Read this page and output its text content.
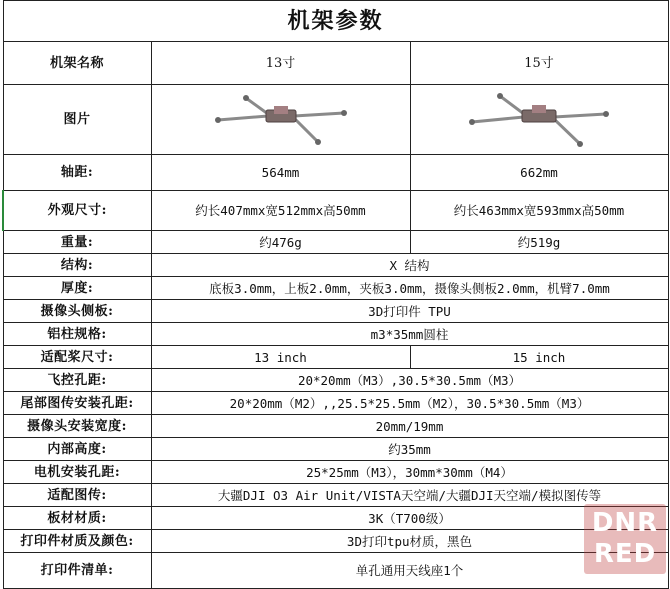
机架参数		
机架名称	13寸	15寸
图片	

轴距:	564mm	662mm
外观尺寸:	约长407mmx宽512mmx高50mm	约长463mmx宽593mmx高50mm
重量:	约476g	约519g
结构:	X 结构	
厚度:	底板3.0mm，上板2.0mm，夹板3.0mm，摄像头侧板2.0mm，机臂7.0mm	
摄像头侧板:	3D打印件 TPU	
铝柱规格:	m3*35mm圆柱	
适配桨尺寸:	13 inch	15 inch
飞控孔距:	20*20mm（M3）,30.5*30.5mm（M3）	
尾部图传安装孔距:	20*20mm（M2）,,25.5*25.5mm（M2），30.5*30.5mm（M3）	
摄像头安装宽度:	20mm/19mm	
内部高度:	约35mm	
电机安装孔距:	25*25mm（M3），30mm*30mm（M4）	
适配图传:	大疆DJI O3 Air Unit/VISTA天空端/大疆DJI天空端/模拟图传等	
板材材质:	3K（T700级）	
打印件材质及颜色:	3D打印tpu材质，黑色	
打印件清单:	单孔通用天线座1个	
DNR
RED
